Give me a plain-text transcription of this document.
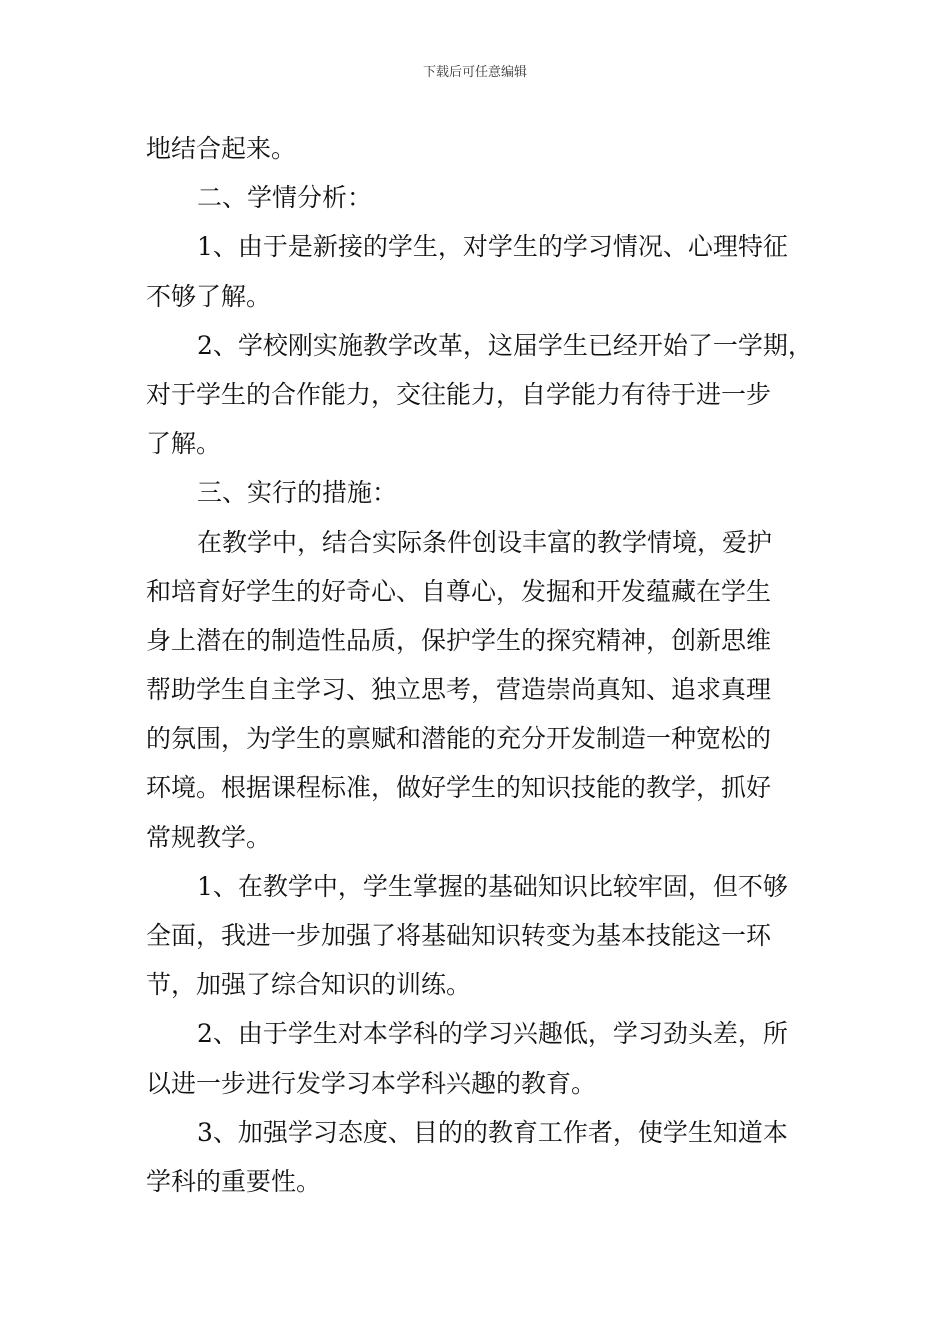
下载后可任意编辑
地结合起来。
二、学情分析：
1、由于是新接的学生，对学生的学习情况、心理特征
不够了解。
2、学校刚实施教学改革，这届学生已经开始了一学期，
对于学生的合作能力，交往能力，自学能力有待于进一步
了解。
三、实行的措施：
在教学中，结合实际条件创设丰富的教学情境，爱护
和培育好学生的好奇心、自尊心，发掘和开发蕴藏在学生
身上潜在的制造性品质，保护学生的探究精神，创新思维
帮助学生自主学习、独立思考，营造崇尚真知、追求真理
的氛围，为学生的禀赋和潜能的充分开发制造一种宽松的
环境。根据课程标准，做好学生的知识技能的教学，抓好
常规教学。
1、在教学中，学生掌握的基础知识比较牢固，但不够
全面，我进一步加强了将基础知识转变为基本技能这一环
节，加强了综合知识的训练。
2、由于学生对本学科的学习兴趣低，学习劲头差，所
以进一步进行发学习本学科兴趣的教育。
3、加强学习态度、目的的教育工作者，使学生知道本
学科的重要性。
